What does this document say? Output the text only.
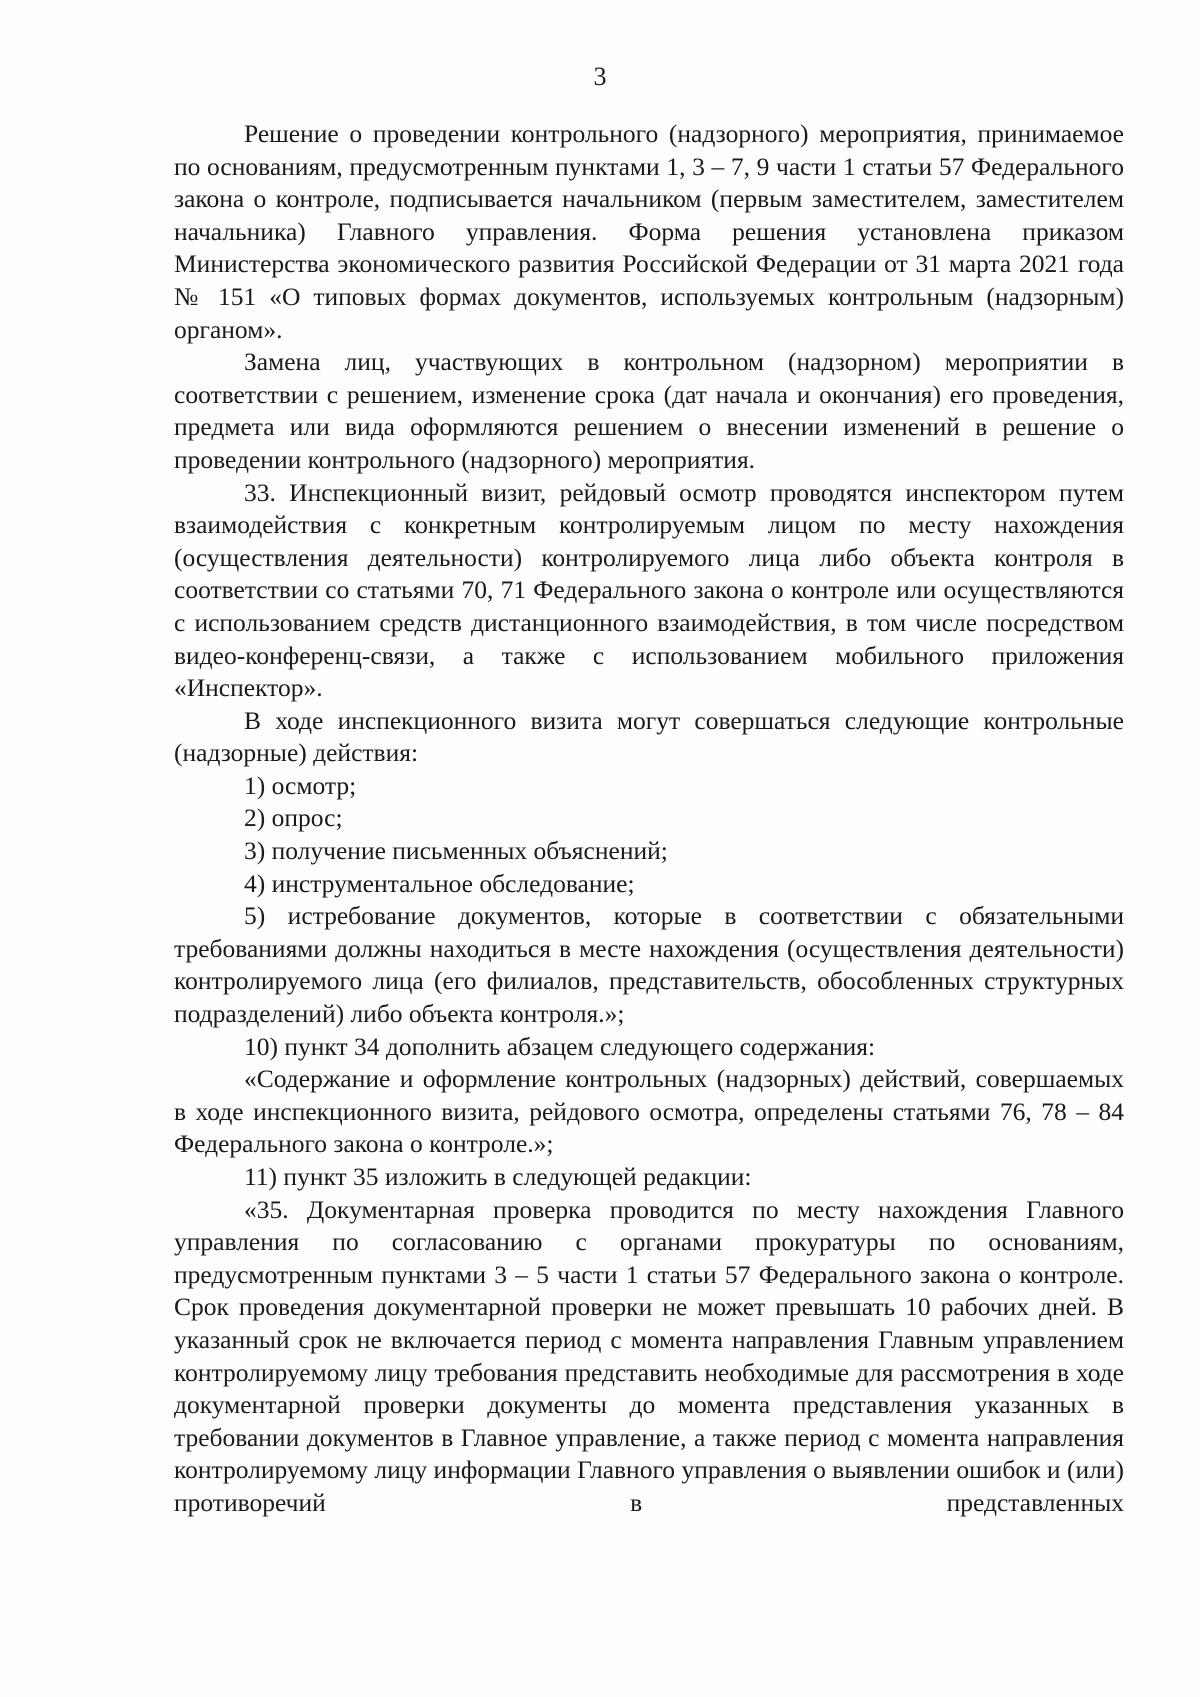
3

Решение о проведении контрольного (надзорного) мероприятия, принимаемое по основаниям, предусмотренным пунктами 1, 3 – 7, 9 части 1 статьи 57 Федерального закона о контроле, подписывается начальником (первым заместителем, заместителем начальника) Главного управления. Форма решения установлена приказом Министерства экономического развития Российской Федерации от 31 марта 2021 года № 151 «О типовых формах документов, используемых контрольным (надзорным) органом».

Замена лиц, участвующих в контрольном (надзорном) мероприятии в соответствии с решением, изменение срока (дат начала и окончания) его проведения, предмета или вида оформляются решением о внесении изменений в решение о проведении контрольного (надзорного) мероприятия.

33. Инспекционный визит, рейдовый осмотр проводятся инспектором путем взаимодействия с конкретным контролируемым лицом по месту нахождения (осуществления деятельности) контролируемого лица либо объекта контроля в соответствии со статьями 70, 71 Федерального закона о контроле или осуществляются с использованием средств дистанционного взаимодействия, в том числе посредством видео-конференц-связи, а также с использованием мобильного приложения «Инспектор».

В ходе инспекционного визита могут совершаться следующие контрольные (надзорные) действия:

1) осмотр;

2) опрос;

3) получение письменных объяснений;

4) инструментальное обследование;

5) истребование документов, которые в соответствии с обязательными требованиями должны находиться в месте нахождения (осуществления деятельности) контролируемого лица (его филиалов, представительств, обособленных структурных подразделений) либо объекта контроля.»;

10) пункт 34 дополнить абзацем следующего содержания:

«Содержание и оформление контрольных (надзорных) действий, совершаемых в ходе инспекционного визита, рейдового осмотра, определены статьями 76, 78 – 84 Федерального закона о контроле.»;

11) пункт 35 изложить в следующей редакции:

«35. Документарная проверка проводится по месту нахождения Главного управления по согласованию с органами прокуратуры по основаниям, предусмотренным пунктами 3 – 5 части 1 статьи 57 Федерального закона о контроле. Срок проведения документарной проверки не может превышать 10 рабочих дней. В указанный срок не включается период с момента направления Главным управлением контролируемому лицу требования представить необходимые для рассмотрения в ходе документарной проверки документы до момента представления указанных в требовании документов в Главное управление, а также период с момента направления контролируемому лицу информации Главного управления о выявлении ошибок и (или) противоречий в представленных
